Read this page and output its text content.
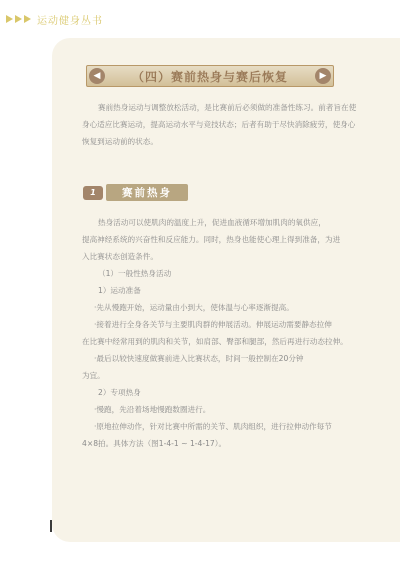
运动健身丛书
◀	（四）赛前热身与赛后恢复	▶
赛前热身运动与调整放松活动，是比赛前后必须做的准备性练习。前者旨在使
身心适应比赛运动，提高运动水平与竞技状态；后者有助于尽快消除疲劳，使身心
恢复到运动前的状态。
1	赛前热身
热身活动可以使肌肉的温度上升，促进血液循环增加肌肉的氧供应，
提高神经系统的兴奋性和反应能力。同时，热身也能使心理上得到准备，为进
入比赛状态创造条件。
（1）一般性热身活动
1）运动准备
·先从慢跑开始，运动量由小到大，使体温与心率逐渐提高。
·接着进行全身各关节与主要肌肉群的伸展活动。伸展运动需要静态拉伸
在比赛中经常用到的肌肉和关节，如肩部、臀部和腿部，然后再进行动态拉伸。
·最后以较快速度做赛前进入比赛状态，时间一般控制在20分钟
为宜。
2）专项热身
·慢跑，先沿着场地慢跑数圈进行。
·原地拉伸动作，针对比赛中所需的关节、肌肉组织，进行拉伸动作每节
4×8拍。具体方法（图1-4-1 ~ 1-4-17）。
